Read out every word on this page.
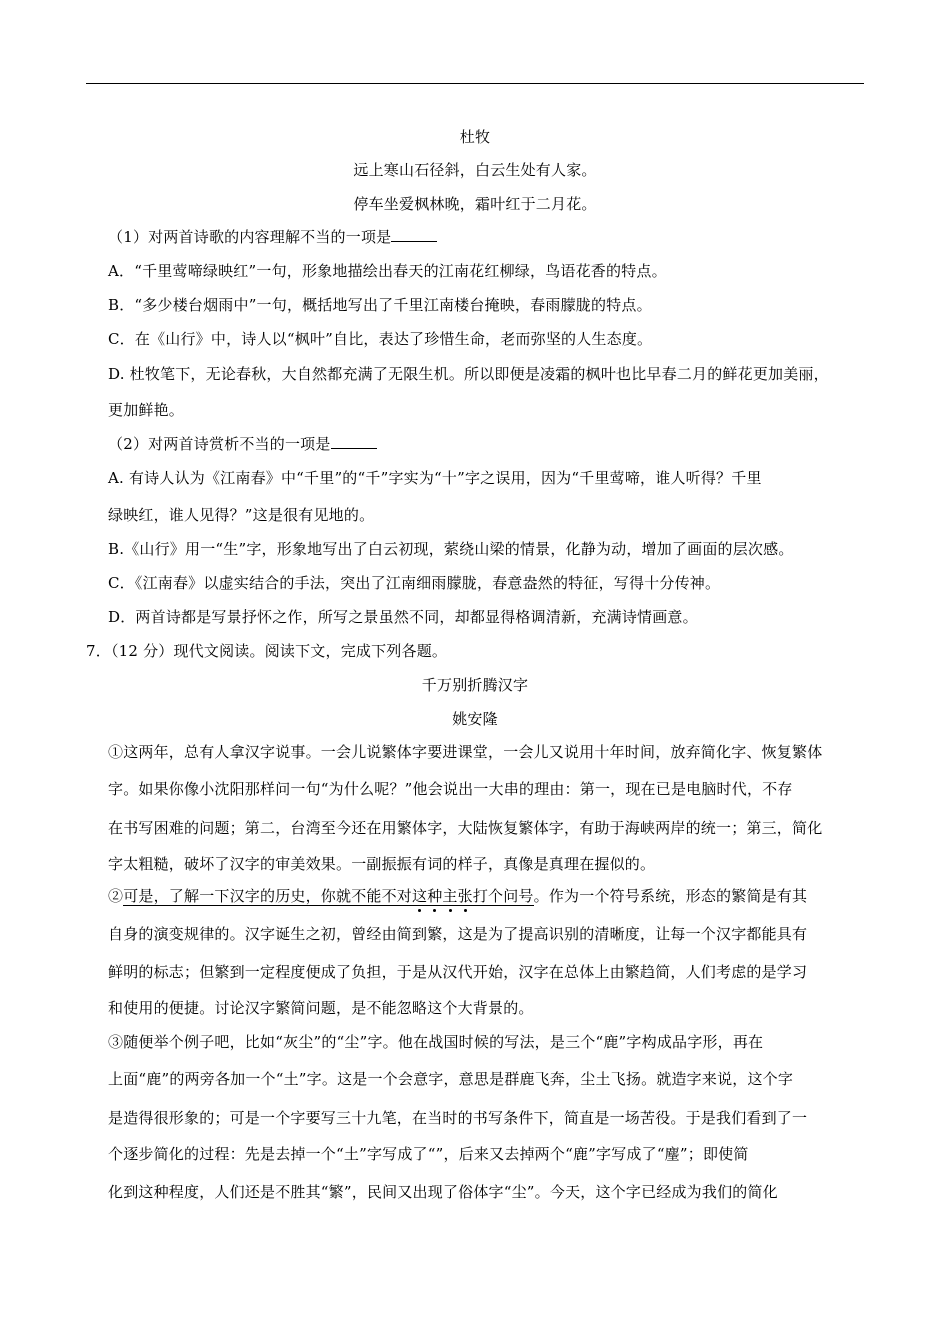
杜牧
远上寒山石径斜，白云生处有人家。
停车坐爱枫林晚，霜叶红于二月花。
（1）对两首诗歌的内容理解不当的一项是
A．“千里莺啼绿映红”一句，形象地描绘出春天的江南花红柳绿，鸟语花香的特点。
B．“多少楼台烟雨中”一句，概括地写出了千里江南楼台掩映，春雨朦胧的特点。
C．在《山行》中，诗人以“枫叶”自比，表达了珍惜生命，老而弥坚的人生态度。
D. 杜牧笔下，无论春秋，大自然都充满了无限生机。所以即便是凌霜的枫叶也比早春二月的鲜花更加美丽，
更加鲜艳。
（2）对两首诗赏析不当的一项是
A. 有诗人认为《江南春》中“千里”的“千”字实为“十”字之误用，因为“千里莺啼，谁人听得？千里
绿映红，谁人见得？”这是很有见地的。
B.《山行》用一“生”字，形象地写出了白云初现，萦绕山梁的情景，化静为动，增加了画面的层次感。
C．《江南春》以虚实结合的手法，突出了江南细雨朦胧，春意盎然的特征，写得十分传神。
D．两首诗都是写景抒怀之作，所写之景虽然不同，却都显得格调清新，充满诗情画意。
7．（12 分）现代文阅读。阅读下文，完成下列各题。
千万别折腾汉字
姚安隆
①这两年，总有人拿汉字说事。一会儿说繁体字要进课堂，一会儿又说用十年时间，放弃简化字、恢复繁体
字。如果你像小沈阳那样问一句“为什么呢？”他会说出一大串的理由：第一，现在已是电脑时代，不存
在书写困难的问题；第二，台湾至今还在用繁体字，大陆恢复繁体字，有助于海峡两岸的统一；第三，简化
字太粗糙，破坏了汉字的审美效果。一副振振有词的样子，真像是真理在握似的。
②可是，了解一下汉字的历史，你就不能不对这种主张打个问号。作为一个符号系统，形态的繁简是有其
自身的演变规律的。汉字诞生之初，曾经由简到繁，这是为了提高识别的清晰度，让每一个汉字都能具有
鲜明的标志；但繁到一定程度便成了负担，于是从汉代开始，汉字在总体上由繁趋简，人们考虑的是学习
和使用的便捷。讨论汉字繁简问题，是不能忽略这个大背景的。
③随便举个例子吧，比如“灰尘”的“尘”字。他在战国时候的写法，是三个“鹿”字构成品字形，再在
上面“鹿”的两旁各加一个“土”字。这是一个会意字，意思是群鹿飞奔，尘土飞扬。就造字来说，这个字
是造得很形象的；可是一个字要写三十九笔，在当时的书写条件下，简直是一场苦役。于是我们看到了一
个逐步简化的过程：先是去掉一个“土”字写成了“”，后来又去掉两个“鹿”字写成了“麈”；即使简
化到这种程度，人们还是不胜其“繁”，民间又出现了俗体字“尘”。今天，这个字已经成为我们的简化
